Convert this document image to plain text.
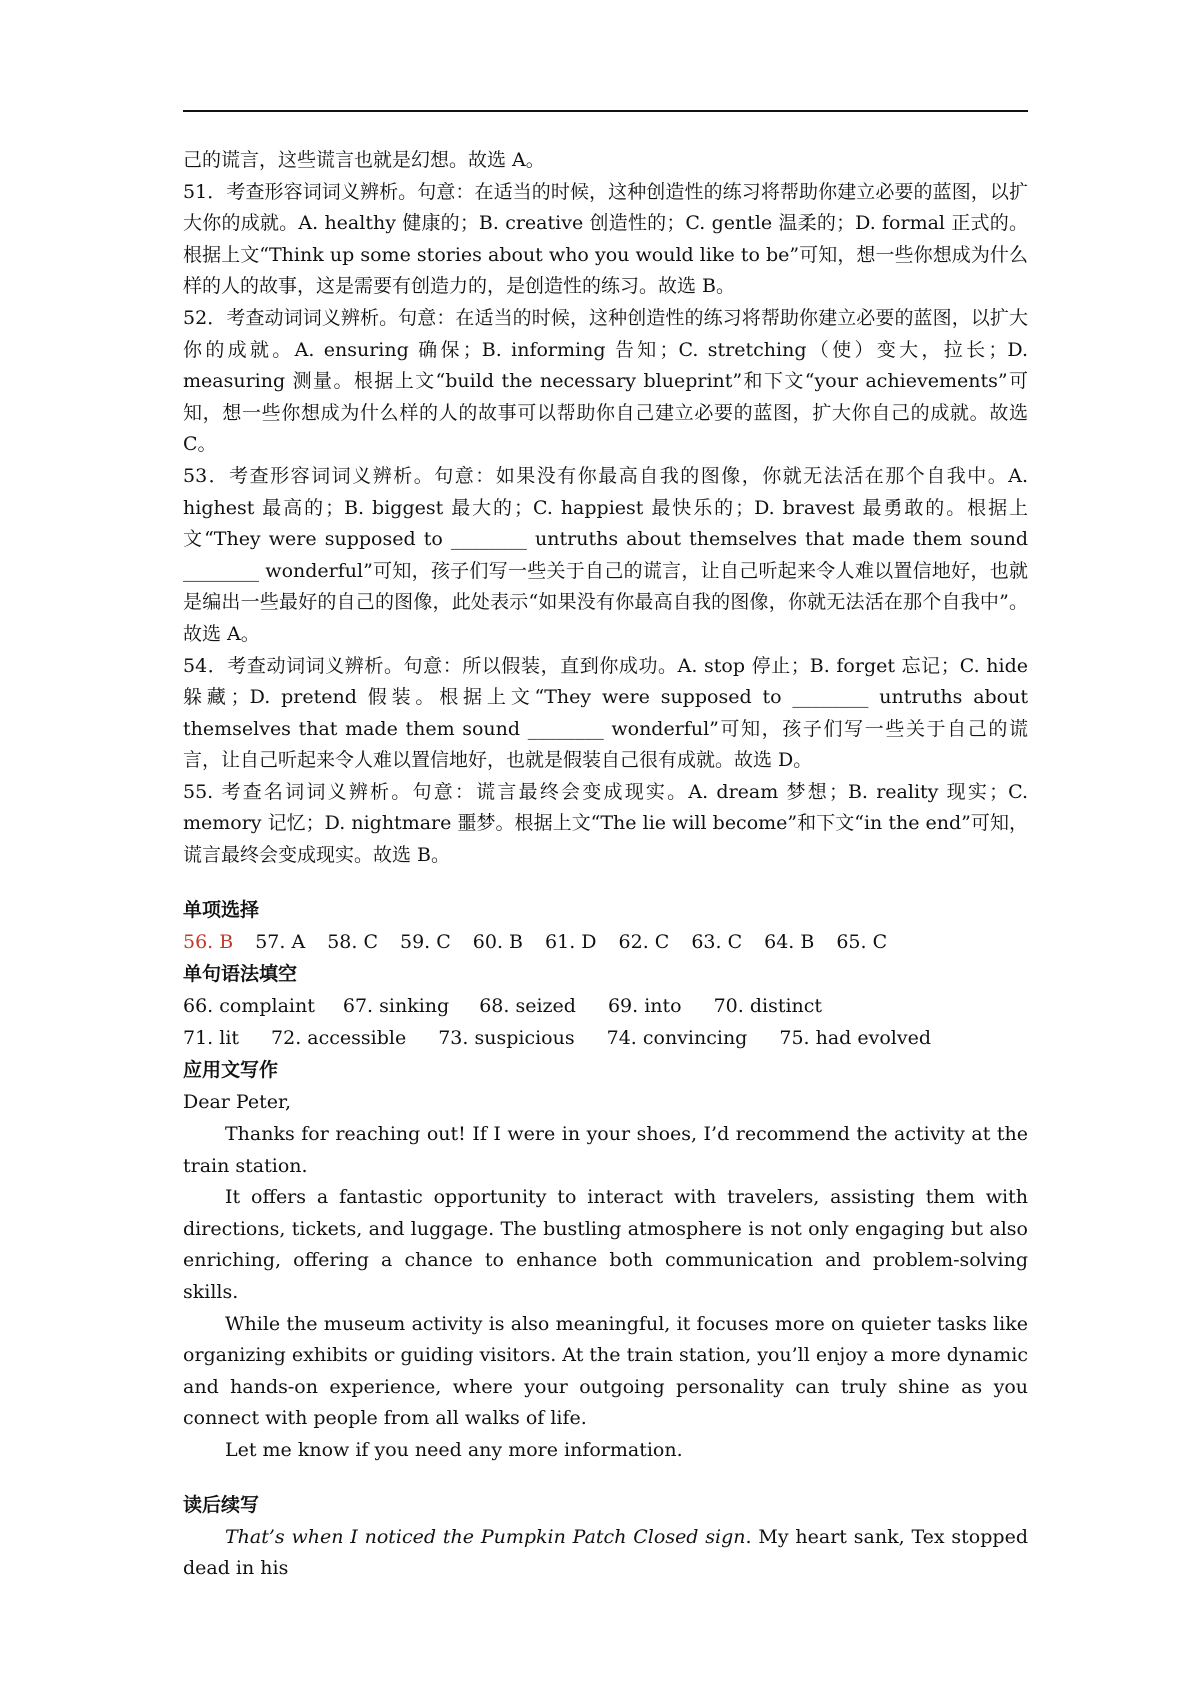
己的谎言，这些谎言也就是幻想。故选 A。

51．考查形容词词义辨析。句意：在适当的时候，这种创造性的练习将帮助你建立必要的蓝图，以扩大你的成就。A. healthy 健康的；B. creative 创造性的；C. gentle 温柔的；D. formal 正式的。根据上文“Think up some stories about who you would like to be”可知，想一些你想成为什么样的人的故事，这是需要有创造力的，是创造性的练习。故选 B。

52．考查动词词义辨析。句意：在适当的时候，这种创造性的练习将帮助你建立必要的蓝图，以扩大你的成就。A. ensuring 确保；B. informing 告知；C. stretching（使）变大，拉长；D. measuring 测量。根据上文“build the necessary blueprint”和下文“your achievements”可知，想一些你想成为什么样的人的故事可以帮助你自己建立必要的蓝图，扩大你自己的成就。故选 C。

53．考查形容词词义辨析。句意：如果没有你最高自我的图像，你就无法活在那个自我中。A. highest 最高的；B. biggest 最大的；C. happiest 最快乐的；D. bravest 最勇敢的。根据上文“They were supposed to ________ untruths about themselves that made them sound ________ wonderful”可知，孩子们写一些关于自己的谎言，让自己听起来令人难以置信地好，也就是编出一些最好的自己的图像，此处表示“如果没有你最高自我的图像，你就无法活在那个自我中”。故选 A。

54．考查动词词义辨析。句意：所以假装，直到你成功。A. stop 停止；B. forget 忘记；C. hide 躲藏；D. pretend 假装。根据上文“They were supposed to ________ untruths about themselves that made them sound ________ wonderful”可知，孩子们写一些关于自己的谎言，让自己听起来令人难以置信地好，也就是假装自己很有成就。故选 D。

55. 考查名词词义辨析。句意：谎言最终会变成现实。A. dream 梦想；B. reality 现实；C. memory 记忆；D. nightmare 噩梦。根据上文“The lie will become”和下文“in the end”可知，谎言最终会变成现实。故选 B。

单项选择

56. B 57. A 58. C 59. C 60. B 61. D 62. C 63. C 64. B 65. C

单句语法填空

66. complaint 67. sinking 68. seized 69. into 70. distinct

71. lit 72. accessible 73. suspicious 74. convincing 75. had evolved

应用文写作

Dear Peter,

Thanks for reaching out! If I were in your shoes, I’d recommend the activity at the train station.

It offers a fantastic opportunity to interact with travelers, assisting them with directions, tickets, and luggage. The bustling atmosphere is not only engaging but also enriching, offering a chance to enhance both communication and problem-solving skills.

While the museum activity is also meaningful, it focuses more on quieter tasks like organizing exhibits or guiding visitors. At the train station, you’ll enjoy a more dynamic and hands-on experience, where your outgoing personality can truly shine as you connect with people from all walks of life.

Let me know if you need any more information.

读后续写

That’s when I noticed the Pumpkin Patch Closed sign. My heart sank, Tex stopped dead in his
